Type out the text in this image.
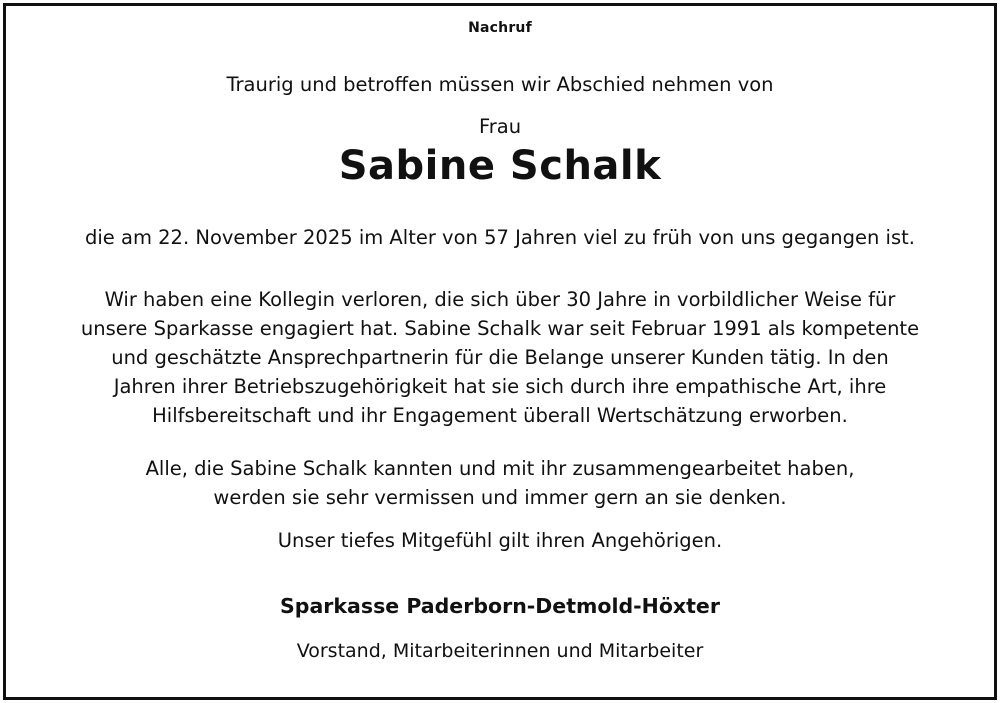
Nachruf

Traurig und betroffen müssen wir Abschied nehmen von

Frau

Sabine Schalk

die am 22. November 2025 im Alter von 57 Jahren viel zu früh von uns gegangen ist.

Wir haben eine Kollegin verloren, die sich über 30 Jahre in vorbildlicher Weise für
unsere Sparkasse engagiert hat. Sabine Schalk war seit Februar 1991 als kompetente
und geschätzte Ansprechpartnerin für die Belange unserer Kunden tätig. In den
Jahren ihrer Betriebszugehörigkeit hat sie sich durch ihre empathische Art, ihre
Hilfsbereitschaft und ihr Engagement überall Wertschätzung erworben.
Alle, die Sabine Schalk kannten und mit ihr zusammengearbeitet haben,
werden sie sehr vermissen und immer gern an sie denken.

Unser tiefes Mitgefühl gilt ihren Angehörigen.

Sparkasse Paderborn-Detmold-Höxter

Vorstand, Mitarbeiterinnen und Mitarbeiter
